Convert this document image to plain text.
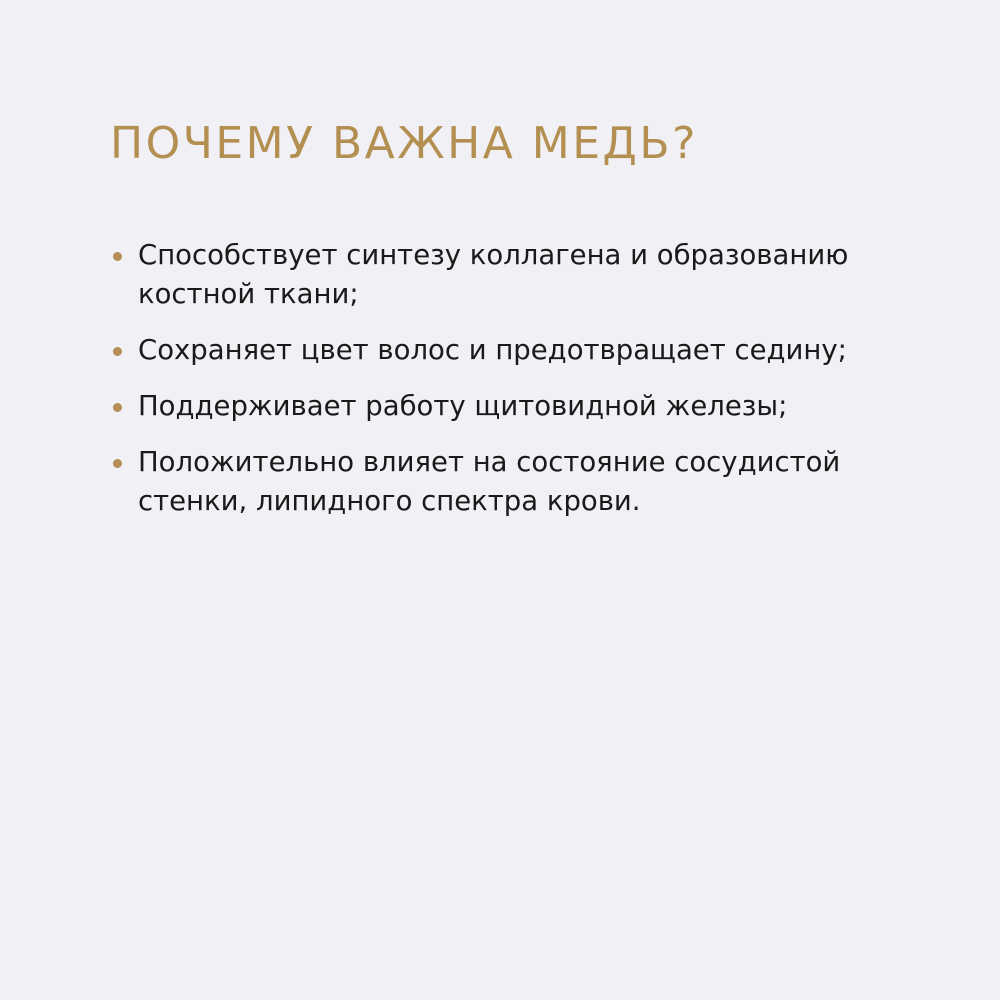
ПОЧЕМУ ВАЖНА МЕДЬ?
Способствует синтезу коллагена и образованию костной ткани;
Сохраняет цвет волос и предотвращает седину;
Поддерживает работу щитовидной железы;
Положительно влияет на состояние сосудистой стенки, липидного спектра крови.
